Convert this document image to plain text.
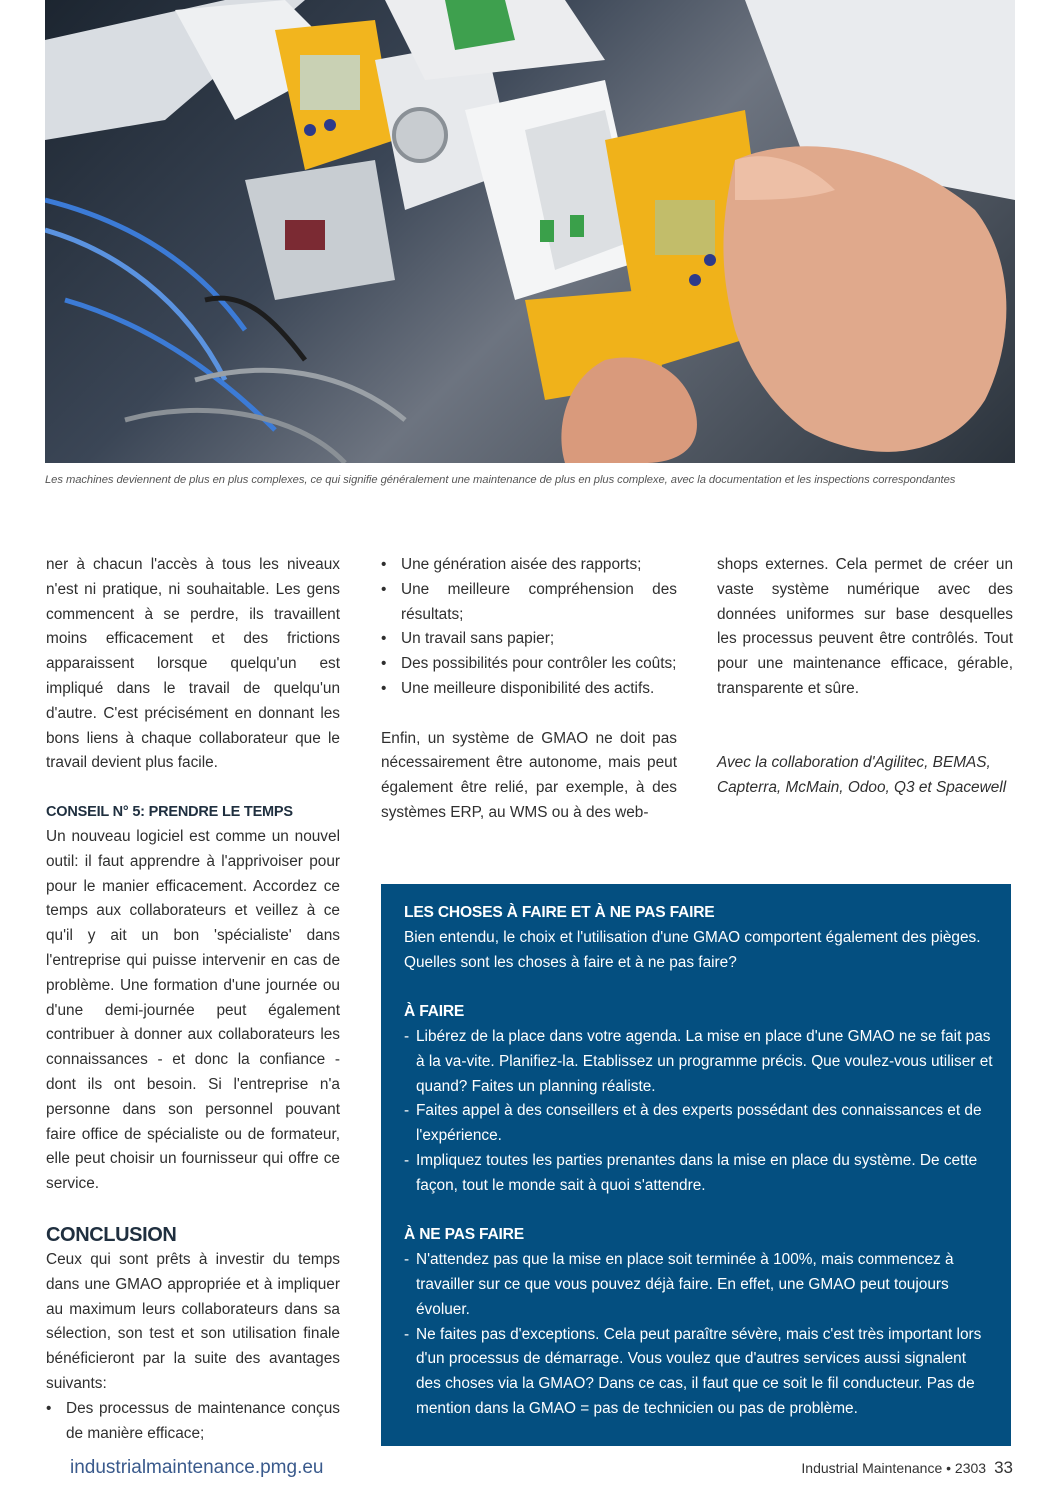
Les machines deviennent de plus en plus complexes, ce qui signifie généralement une maintenance de plus en plus complexe, avec la documentation et les inspections correspondantes

ner à chacun l'accès à tous les niveaux n'est ni pratique, ni souhaitable. Les gens commencent à se perdre, ils travaillent moins efficacement et des frictions apparaissent lorsque quelqu'un est impliqué dans le travail de quelqu'un d'autre. C'est précisément en donnant les bons liens à chaque collaborateur que le travail devient plus facile.

CONSEIL N° 5: PRENDRE LE TEMPS

Un nouveau logiciel est comme un nouvel outil: il faut apprendre à l'apprivoiser pour pour le manier efficacement. Accordez ce temps aux collaborateurs et veillez à ce qu'il y ait un bon 'spécialiste' dans l'entreprise qui puisse intervenir en cas de problème. Une formation d'une journée ou d'une demi-journée peut également contribuer à donner aux collaborateurs les connaissances - et donc la confiance - dont ils ont besoin. Si l'entreprise n'a personne dans son personnel pouvant faire office de spécialiste ou de formateur, elle peut choisir un fournisseur qui offre ce service.

CONCLUSION

Ceux qui sont prêts à investir du temps dans une GMAO appropriée et à impliquer au maximum leurs collaborateurs dans sa sélection, son test et son utilisation finale bénéficieront par la suite des avantages suivants:

• Des processus de maintenance conçus de manière efficace;
• Une génération aisée des rapports;
• Une meilleure compréhension des résultats;
• Un travail sans papier;
• Des possibilités pour contrôler les coûts;
• Une meilleure disponibilité des actifs.

Enfin, un système de GMAO ne doit pas nécessairement être autonome, mais peut également être relié, par exemple, à des systèmes ERP, au WMS ou à des web-

shops externes. Cela permet de créer un vaste système numérique avec des données uniformes sur base desquelles les processus peuvent être contrôlés. Tout pour une maintenance efficace, gérable, transparente et sûre.

Avec la collaboration d'Agilitec, BEMAS, Capterra, McMain, Odoo, Q3 et Spacewell

LES CHOSES À FAIRE ET À NE PAS FAIRE

Bien entendu, le choix et l'utilisation d'une GMAO comportent également des pièges. Quelles sont les choses à faire et à ne pas faire?

À FAIRE
- Libérez de la place dans votre agenda. La mise en place d'une GMAO ne se fait pas à la va-vite. Planifiez-la. Etablissez un programme précis. Que voulez-vous utiliser et quand? Faites un planning réaliste.
- Faites appel à des conseillers et à des experts possédant des connaissances et de l'expérience.
- Impliquez toutes les parties prenantes dans la mise en place du système. De cette façon, tout le monde sait à quoi s'attendre.
À NE PAS FAIRE
- N'attendez pas que la mise en place soit terminée à 100%, mais commencez à travailler sur ce que vous pouvez déjà faire. En effet, une GMAO peut toujours évoluer.
- Ne faites pas d'exceptions. Cela peut paraître sévère, mais c'est très important lors d'un processus de démarrage. Vous voulez que d'autres services aussi signalent des choses via la GMAO? Dans ce cas, il faut que ce soit le fil conducteur. Pas de mention dans la GMAO = pas de technicien ou pas de problème.
industrialmaintenance.pmg.eu	Industrial Maintenance • 2303 33
